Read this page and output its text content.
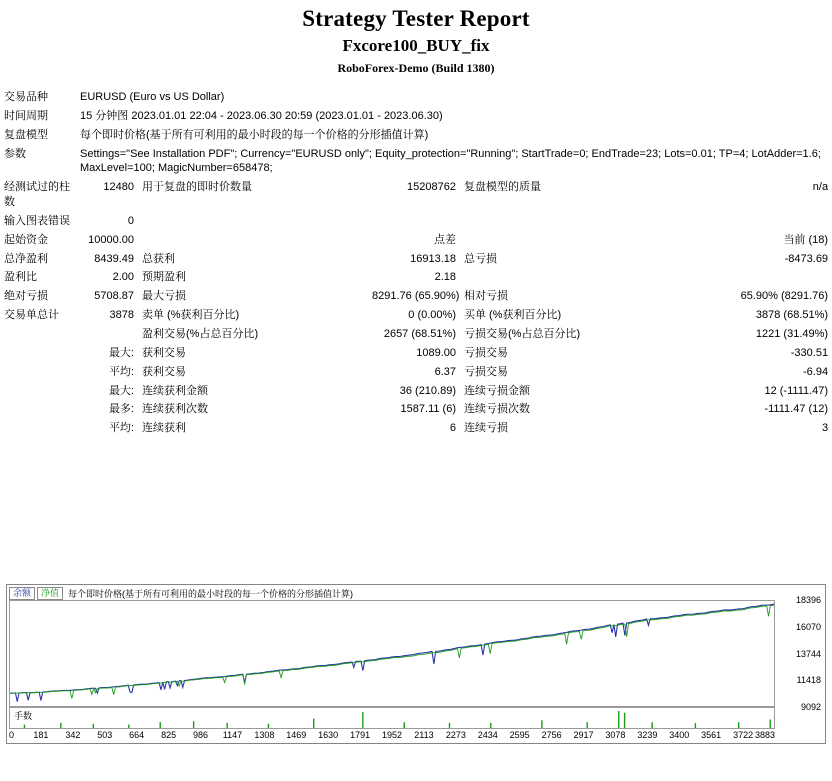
Strategy Tester Report
Fxcore100_BUY_fix
RoboForex-Demo (Build 1380)
交易品种	EURUSD (Euro vs US Dollar)				
时间周期	15 分钟图 2023.01.01 22:04 - 2023.06.30 20:59 (2023.01.01 - 2023.06.30)				
复盘模型	每个即时价格(基于所有可利用的最小时段的每一个价格的分形插值计算)				
参数	Settings="See Installation PDF"; Currency="EURUSD only"; Equity_protection="Running"; StartTrade=0; EndTrade=23; Lots=0.01; TP=4; LotAdder=1.6; MaxLevel=100; MagicNumber=658478;				
经测试过的柱数	12480	用于复盘的即时价数量	15208762	复盘模型的质量	n/a
输入图表错误	0				
起始资金	10000.00		点差		当前 (18)
总净盈利	8439.49	总获利	16913.18	总亏损	-8473.69
盈利比	2.00	预期盈利	2.18		
绝对亏损	5708.87	最大亏损	8291.76 (65.90%)	相对亏损	65.90% (8291.76)
交易单总计	3878	卖单 (%获利百分比)	0 (0.00%)	买单 (%获利百分比)	3878 (68.51%)
		盈利交易(%占总百分比)	2657 (68.51%)	亏损交易(%占总百分比)	1221 (31.49%)
	最大:	获利交易	1089.00	亏损交易	-330.51
	平均:	获利交易	6.37	亏损交易	-6.94
	最大:	连续获利金额	36 (210.89)	连续亏损金额	12 (-1111.47)
	最多:	连续获利次数	1587.11 (6)	连续亏损次数	-1111.47 (12)
	平均:	连续获利	6	连续亏损	3
余额	净值	每个即时价格(基于所有可利用的最小时段的每一个价格的分形插值计算)
18396
16070
13744
11418
9092
手数
0 181 342 503 664 825 986 1147 1308 1469 1630 1791 1952 2113 2273 2434 2595 2756 2917 3078 3239 3400 3561 3722 3883
